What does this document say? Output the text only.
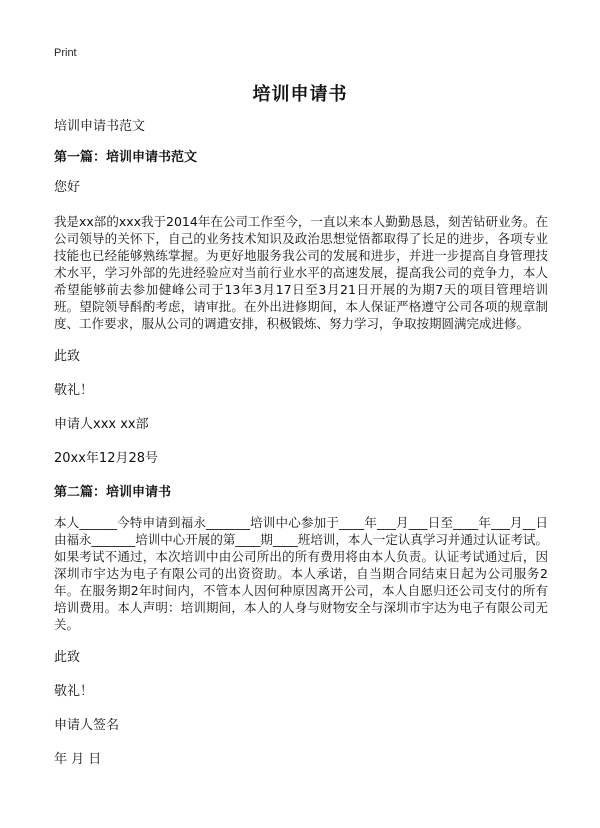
Print
培训申请书

培训申请书范文

第一篇：培训申请书范文

您好

我是xx部的xxx我于2014年在公司工作至今，一直以来本人勤勤恳恳，刻苦钻研业务。在公司领导的关怀下，自己的业务技术知识及政治思想觉悟都取得了长足的进步，各项专业技能也已经能够熟练掌握。为更好地服务我公司的发展和进步，并进一步提高自身管理技术水平，学习外部的先进经验应对当前行业水平的高速发展，提高我公司的竞争力，本人希望能够前去参加健峰公司于13年3月17日至3月21日开展的为期7天的项目管理培训班。望院领导酙酌考虑，请审批。在外出进修期间，本人保证严格遵守公司各项的规章制度、工作要求，服从公司的调遣安排，积极锻炼、努力学习，争取按期圆满完成进修。

此致

敬礼！

申请人xxx xx部

20xx年12月28号

第二篇：培训申请书

本人______今特申请到福永_______培训中心参加于____年___月___日至____年___月__日由福永_______培训中心开展的第____期____班培训，本人一定认真学习并通过认证考试。如果考试不通过，本次培训中由公司所出的所有费用将由本人负责。认证考试通过后，因深圳市宇达为电子有限公司的出资资助。本人承诺，自当期合同结束日起为公司服务2年。在服务期2年时间内，不管本人因何种原因离开公司，本人自愿归还公司支付的所有培训费用。本人声明：培训期间，本人的人身与财物安全与深圳市宇达为电子有限公司无关。

此致

敬礼！

申请人签名

年 月 日
